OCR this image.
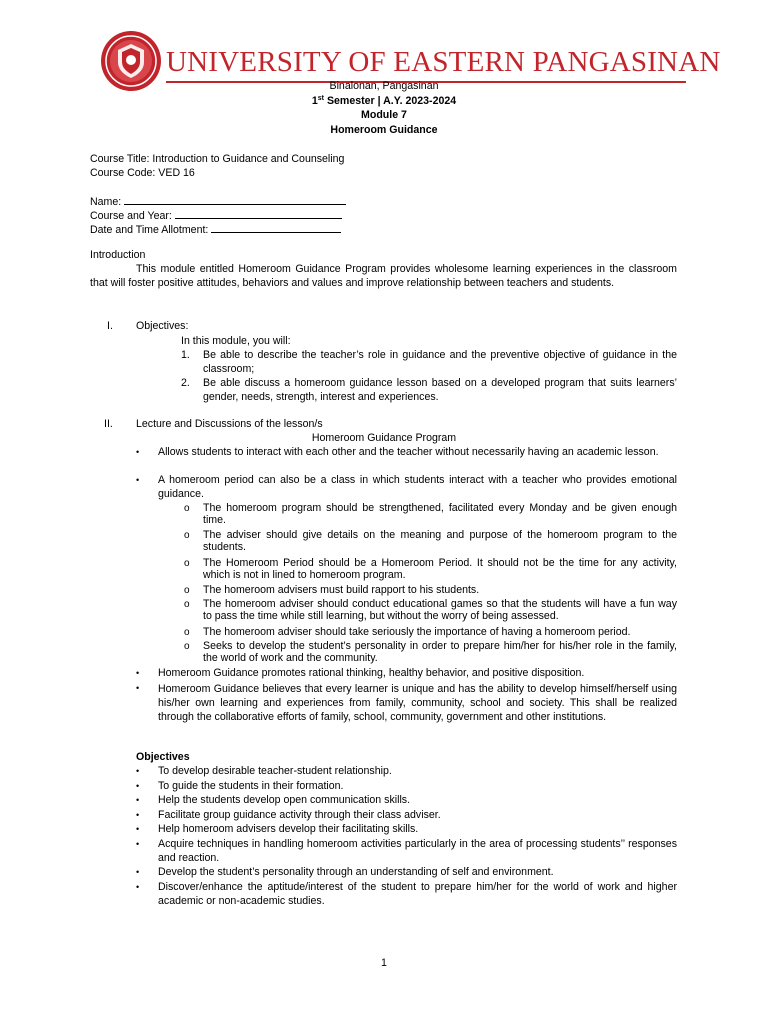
UNIVERSITY OF EASTERN PANGASINAN
Binalonan, Pangasinan
1st Semester | A.Y. 2023-2024
Module 7
Homeroom Guidance
Course Title: Introduction to Guidance and Counseling
Course Code: VED 16
Name:
Course and Year:
Date and Time Allotment:
Introduction
This module entitled Homeroom Guidance Program provides wholesome learning experiences in the classroom that will foster positive attitudes, behaviors and values and improve relationship between teachers and students.
I. Objectives:
In this module, you will:
1. Be able to describe the teacher’s role in guidance and the preventive objective of guidance in the classroom;
2. Be able discuss a homeroom guidance lesson based on a developed program that suits learners’ gender, needs, strength, interest and experiences.
II. Lecture and Discussions of the lesson/s
Homeroom Guidance Program
• Allows students to interact with each other and the teacher without necessarily having an academic lesson.
• A homeroom period can also be a class in which students interact with a teacher who provides emotional guidance.
o The homeroom program should be strengthened, facilitated every Monday and be given enough time.
o The adviser should give details on the meaning and purpose of the homeroom program to the students.
o The Homeroom Period should be a Homeroom Period. It should not be the time for any activity, which is not in lined to homeroom program.
o The homeroom advisers must build rapport to his students.
o The homeroom adviser should conduct educational games so that the students will have a fun way to pass the time while still learning, but without the worry of being assessed.
o The homeroom adviser should take seriously the importance of having a homeroom period.
o Seeks to develop the student’s personality in order to prepare him/her for his/her role in the family, the world of work and the community.
• Homeroom Guidance promotes rational thinking, healthy behavior, and positive disposition.
• Homeroom Guidance believes that every learner is unique and has the ability to develop himself/herself using his/her own learning and experiences from family, community, school and society. This shall be realized through the collaborative efforts of family, school, community, government and other institutions.
Objectives
• To develop desirable teacher-student relationship.
• To guide the students in their formation.
• Help the students develop open communication skills.
• Facilitate group guidance activity through their class adviser.
• Help homeroom advisers develop their facilitating skills.
• Acquire techniques in handling homeroom activities particularly in the area of processing students’’ responses and reaction.
• Develop the student’s personality through an understanding of self and environment.
• Discover/enhance the aptitude/interest of the student to prepare him/her for the world of work and higher academic or non-academic studies.
1
